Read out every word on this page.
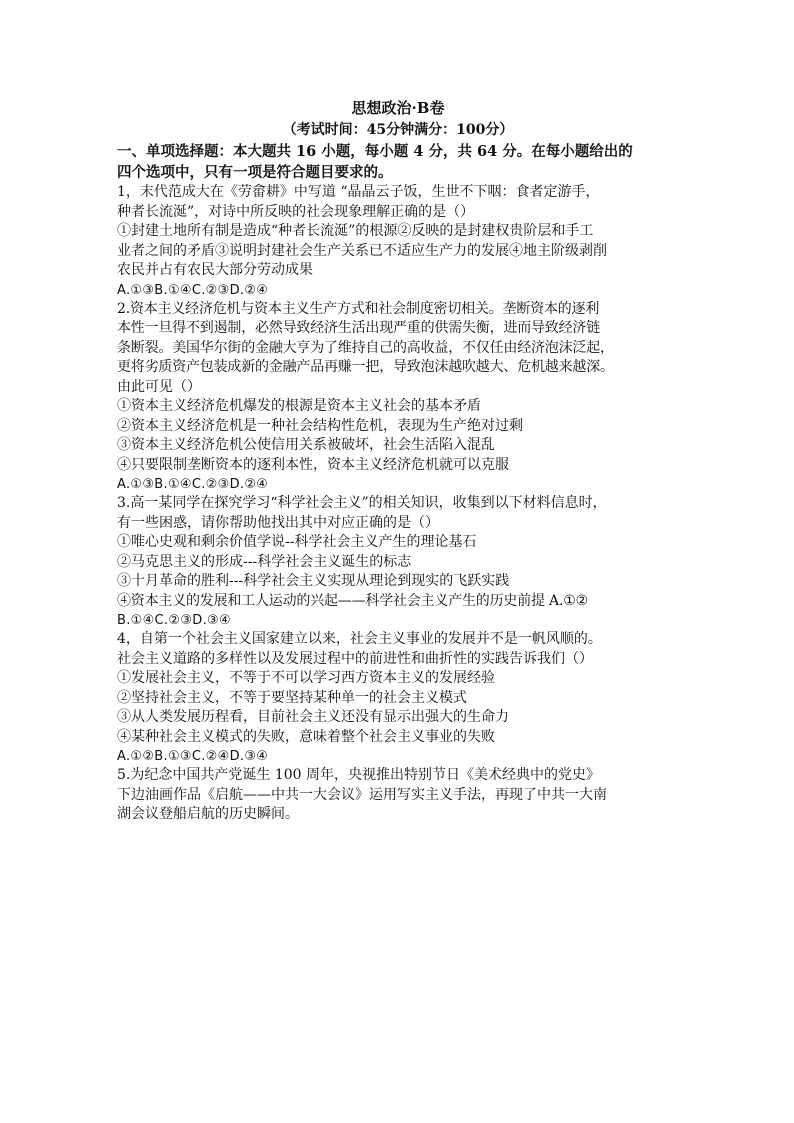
思想政治·B卷

（考试时间：45分钟满分：100分）

一、单项选择题：本大题共 16 小题，每小题 4 分，共 64 分。在每小题给出的

四个选项中，只有一项是符合题目要求的。

1，末代范成大在《劳畲耕》中写道 “晶晶云子饭，生世不下咽：食者定游手，

种者长流涎”，对诗中所反映的社会现象理解正确的是（）

①封建土地所有制是造成“种者长流涎”的根源②反映的是封建权贵阶层和手工

业者之间的矛盾③说明封建社会生产关系已不适应生产力的发展④地主阶级剥削

农民并占有农民大部分劳动成果

A.①③B.①④C.②③D.②④

2.资本主义经济危机与资本主义生产方式和社会制度密切相关。垄断资本的逐利

本性一旦得不到遏制，必然导致经济生活出现严重的供需失衡，进而导致经济链

条断裂。美国华尔街的金融大亨为了维持自己的高收益，不仅任由经济泡沫泛起，

更将劣质资产包装成新的金融产品再赚一把，导致泡沫越吹越大、危机越来越深。

由此可见（）

①资本主义经济危机爆发的根源是资本主义社会的基本矛盾

②资本主义经济危机是一种社会结构性危机，表现为生产绝对过剩

③资本主义经济危机公使信用关系被破坏，社会生活陷入混乱

④只要限制垄断资本的逐利本性，资本主义经济危机就可以克服

A.①③B.①④C.②③D.②④

3.高一某同学在探究学习“科学社会主义”的相关知识，收集到以下材料信息时，

有一些困惑，请你帮助他找出其中对应正确的是（）

①唯心史观和剩余价值学说--科学社会主义产生的理论基石

②马克思主义的形成---科学社会主义诞生的标志

③十月革命的胜利---科学社会主义实现从理论到现实的飞跃实践

④资本主义的发展和工人运动的兴起——科学社会主义产生的历史前提 A.①②

B.①④C.②③D.③④

4，自第一个社会主义国家建立以来，社会主义事业的发展并不是一帆风顺的。

社会主义道路的多样性以及发展过程中的前进性和曲折性的实践告诉我们（）

①发展社会主义，不等于不可以学习西方资本主义的发展经验

②坚持社会主义，不等于要坚持某种单一的社会主义模式

③从人类发展历程看，目前社会主义还没有显示出强大的生命力

④某种社会主义模式的失败，意味着整个社会主义事业的失败

A.①②B.①③C.②④D.③④

5.为纪念中国共产党诞生 100 周年，央视推出特别节日《美术经典中的党史》

下边油画作品《启航——中共一大会议》运用写实主义手法，再现了中共一大南

湖会议登船启航的历史瞬间。
